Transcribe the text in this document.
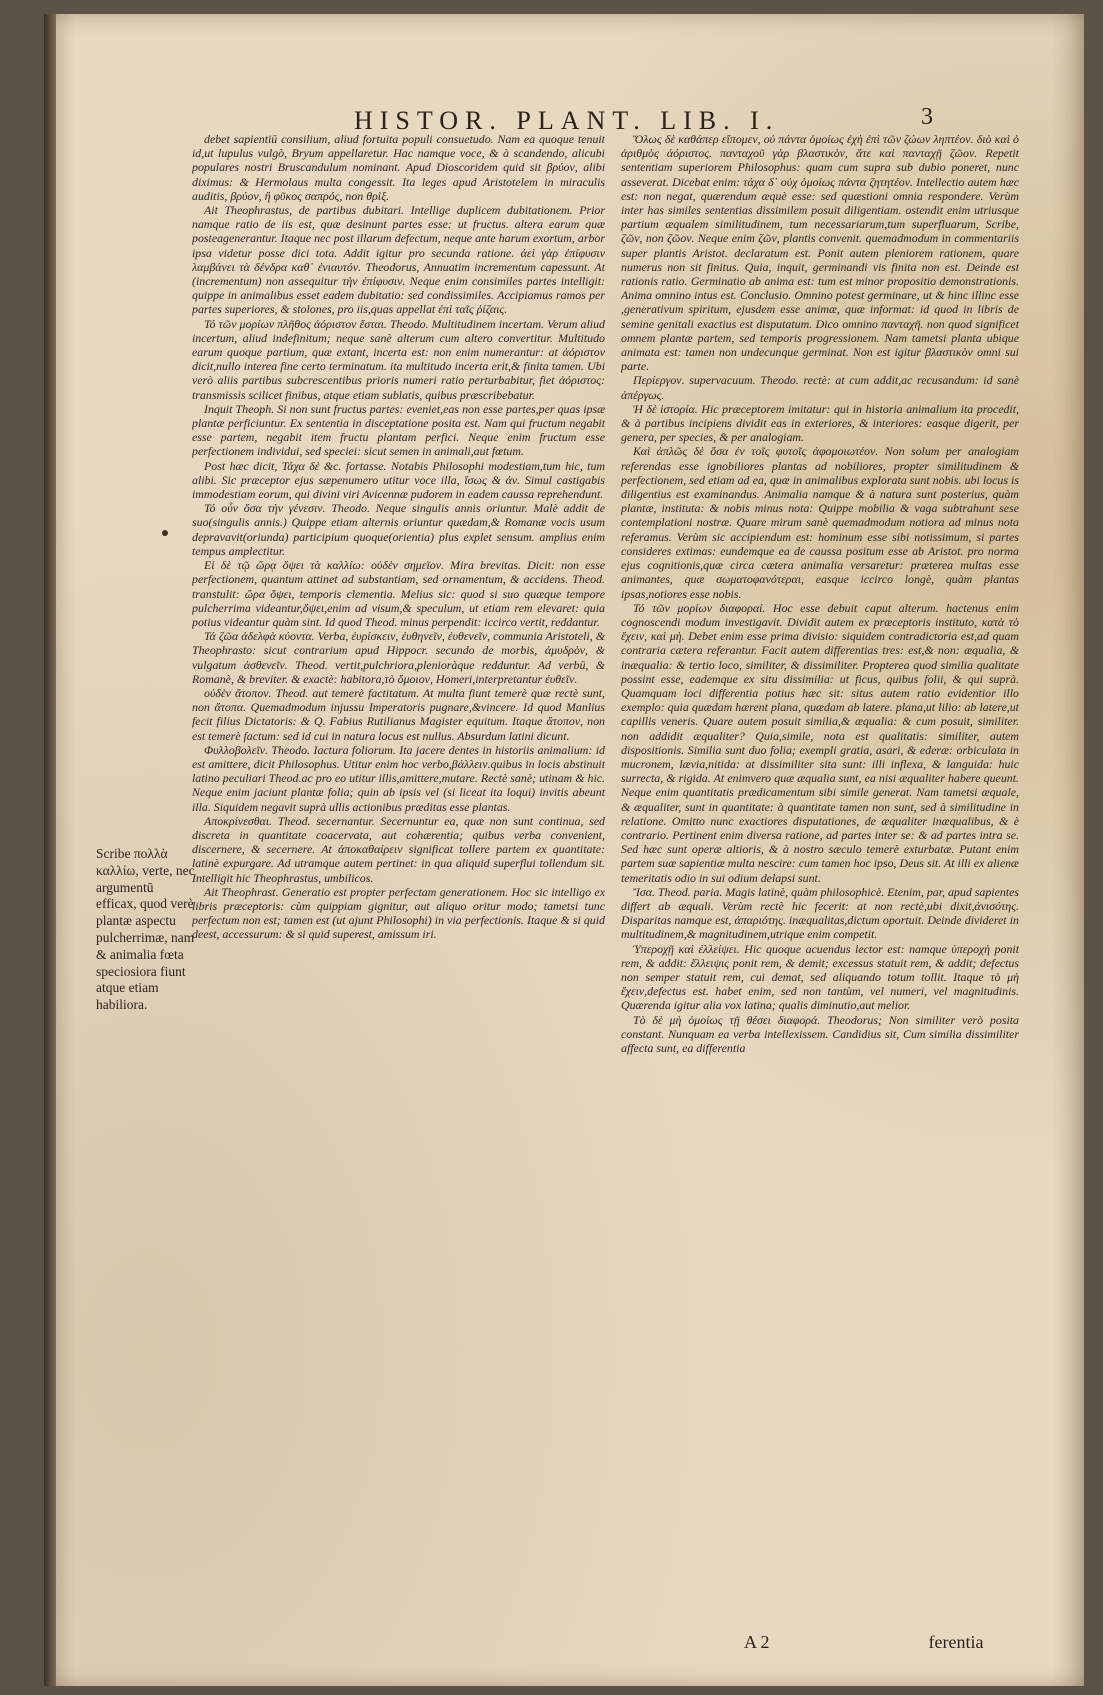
HISTOR. PLANT. LIB. I.	3

debet sapientiū consilium, aliud fortuita populi consuetudo. Nam ea quoque tenuit id,ut lupulus vulgò, Bryum appellaretur. Hac namque voce, & à scandendo, alicubi populares nostri Bruscandulum nominant. Apud Dioscoridem quid sit βρύον, alibi diximus: & Hermolaus multa congessit. Ita leges apud Aristotelem in miraculis auditis, βρύον, ἢ φῦκος σαπρός, non θρὶξ.

Ait Theophrastus, de partibus dubitari. Intellige duplicem dubitationem. Prior namque ratio de iis est, quæ desinunt partes esse: ut fructus. altera earum quæ posteagenerantur. Itaque nec post illarum defectum, neque ante harum exortum, arbor ipsa videtur posse dici tota. Addit igitur pro secunda ratione. ἀεὶ γὰρ ἐπίφυσιν λαμβάνει τὰ δένδρα καθ᾿ ἐνιαυτόν. Theodorus, Annuatim incrementum capessunt. At (incrementum) non assequitur τὴν ἐπίφυσιν. Neque enim consimiles partes intelligit: quippe in animalibus esset eadem dubitatio: sed condissimiles. Accipiamus ramos per partes superiores, & stolones, pro iis,quas appellat ἐπὶ ταῖς ῥίζαις.

Τό τῶν μορίων πλῆθος ἀόριστον ἔσται. Theodo. Multitudinem incertam. Verum aliud incertum, aliud indefinitum; neque sanè alterum cum altero convertitur. Multitudo earum quoque partium, quæ extant, incerta est: non enim numerantur: at ἀόριστον dicit,nullo interea fine certo terminatum. ita multitudo incerta erit,& finita tamen. Ubi verò aliis partibus subcrescentibus prioris numeri ratio perturbabitur, fiet ἀόριστος: transmissis scilicet finibus, atque etiam sublatis, quibus præscribebatur.

Inquit Theoph. Si non sunt fructus partes: eveniet,eas non esse partes,per quas ipsæ plantæ perficiuntur. Ex sententia in disceptatione posita est. Nam qui fructum negabit esse partem, negabit item fructu plantam perfici. Neque enim fructum esse perfectionem individui, sed speciei: sicut semen in animali,aut fœtum.

Post hæc dicit, Τάχα δὲ &c. fortasse. Notabis Philosophi modestiam,tum hic, tum alibi. Sic præceptor ejus sæpenumero utitur voce illa, ἴσως & ἀν. Simul castigabis immodestiam eorum, qui divini viri Avicennæ pudorem in eadem caussa reprehendunt.

Τό οὖν ὅσα τὴν γένεσιν. Theodo. Neque singulis annis oriuntur. Malè addit de suo(singulis annis.) Quippe etiam alternis oriuntur quædam,& Romanæ vocis usum depravavit(oriunda) participium quoque(orientia) plus explet sensum. amplius enim tempus amplectitur.

Εἰ δὲ τῷ ὥρᾳ ὄψει τὰ καλλίω: οὐδὲν σημεῖον. Mira brevitas. Dicit: non esse perfectionem, quantum attinet ad substantiam, sed ornamentum, & accidens. Theod. transtulit: ὥρα ὄψει, temporis clementia. Melius sic: quod si suo quæque tempore pulcherrima videantur,ὄψει,enim ad visum,& speculum, ut etiam rem elevaret: quia potius videantur quàm sint. Id quod Theod. minus perpendit: iccirco vertit, reddantur.

Τά ζῶα ἀδελφὰ κύοντα. Verba, ἐυρίσκειν, ἐυθηνεῖν, ἐυθενεῖν, communia Aristoteli, & Theophrasto: sicut contrarium apud Hippocr. secundo de morbis, ἀμυδρὸν, & vulgatum ἀσθενεῖν. Theod. vertit,pulchriora,plenioràque redduntur. Ad verbū, & Romanè, & breviter. & exactè: habitora,τὸ ὅμοιον, Homeri,interpretantur ἐυθεῖν.

οὐδὲν ἄτοπον. Theod. aut temerè factitatum. At multa fiunt temerè quæ rectè sunt, non ἄτοπα. Quemadmodum injussu Imperatoris pugnare,&vincere. Id quod Manlius fecit filius Dictatoris: & Q. Fabius Rutilianus Magister equitum. Itaque ἄτοπον, non est temerè factum: sed id cui in natura locus est nullus. Absurdum latini dicunt.

Φυλλοβολεῖν. Theodo. Iactura foliorum. Ita jacere dentes in historiis animalium: id est amittere, dicit Philosophus. Utitur enim hoc verbo,βάλλειν.quibus in locis abstinuit latino peculiari Theod.ac pro eo utitur illis,amittere,mutare. Rectè sanè; utinam & hic. Neque enim jaciunt plantæ folia; quin ab ipsis vel (si liceat ita loqui) invitis abeunt illa. Siquidem negavit suprà ullis actionibus præditas esse plantas.

Αποκρίνεσθαι. Theod. secernantur. Secernuntur ea, quæ non sunt continua, sed discreta in quantitate coacervata, aut cohærentia; quibus verba convenient, discernere, & secernere. At ἀποκαθαίρειν significat tollere partem ex quantitate: latinè expurgare. Ad utramque autem pertinet: in qua aliquid superflui tollendum sit. Intelligit hic Theophrastus, umbilicos.

Ait Theophrast. Generatio est propter perfectam generationem. Hoc sic intelligo ex libris præceptoris: cùm quippiam gignitur, aut aliquo oritur modo; tametsi tunc perfectum non est; tamen est (ut ajunt Philosophi) in via perfectionis. Itaque & si quid deest, accessurum: & si quid superest, amissum iri.

Ὅλως δὲ καθάπερ εἴπομεν, οὐ πάντα ὁμοίως ἐχὴ ἐπὶ τῶν ζώων ληπτέον. διὸ καὶ ὁ ἀριθμὸς ἀόριστος. πανταχοῦ γὰρ βλαστικὸν, ἅτε καὶ πανταχῇ ζῶον. Repetit sententiam superiorem Philosophus: quam cum supra sub dubio poneret, nunc asseverat. Dicebat enim: τάχα δ᾿ οὐχ ὁμοίως πάντα ζητητέον. Intellectio autem hæc est: non negat, quærendum æquè esse: sed quæstioni omnia respondere. Verùm inter has similes sententias dissimilem posuit diligentiam. ostendit enim utriusque partium æqualem similitudinem, tum necessariarum,tum superfluarum, Scribe, ζῶν, non ζῶον. Neque enim ζῶν, plantis convenit. quemadmodum in commentariis super plantis Aristot. declaratum est. Ponit autem pleniorem rationem, quare numerus non sit finitus. Quia, inquit, germinandi vis finita non est. Deinde est rationis ratio. Germinatio ab anima est: tum est minor propositio demonstrationis. Anima omnino intus est. Conclusio. Omnino potest germinare, ut & hinc illinc esse ,generativum spiritum, ejusdem esse animæ, quæ informat: id quod in libris de semine genitali exactius est disputatum. Dico omnino πανταχῆ. non quod significet omnem plantæ partem, sed temporis progressionem. Nam tametsi planta ubique animata est: tamen non undecunque germinat. Non est igitur βλαστικὸν omni sui parte.

Περίεργον. supervacuum. Theodo. rectè: at cum addit,ac recusandum: id sanè ἀπέργως.

Ἡ δὲ ἱστορία. Hic præceptorem imitatur: qui in historia animalium ita procedit, & à partibus incipiens dividit eas in exteriores, & interiores: easque digerit, per genera, per species, & per analogiam.

Καὶ ἁπλῶς δὲ ὅσα ἐν τοῖς φυτοῖς ἀφομοιωτέον. Non solum per analogiam referendas esse ignobiliores plantas ad nobiliores, propter similitudinem & perfectionem, sed etiam ad ea, quæ in animalibus explorata sunt nobis. ubi locus is diligentius est examinandus. Animalia namque & à natura sunt posterius, quàm plantæ, instituta: & nobis minus nota: Quippe mobilia & vaga subtrahunt sese contemplationi nostræ. Quare mirum sanè quemadmodum notiora ad minus nota referamus. Verùm sic accipiendum est: hominum esse sibi notissimum, si partes consideres extimas: eundemque ea de caussa positum esse ab Aristot. pro norma ejus cognitionis,quæ circa cætera animalia versaretur: præterea multas esse animantes, quæ σωματοφανότεραι, easque iccirco longè, quàm plantas ipsas,notiores esse nobis.

Τό τῶν μορίων διαφοραί. Hoc esse debuit caput alterum. hactenus enim cognoscendi modum investigavit. Dividit autem ex præceptoris instituto, κατὰ τὸ ἔχειν, καὶ μὴ. Debet enim esse prima divisio: siquidem contradictoria est,ad quam contraria cætera referantur. Facit autem differentias tres: est,& non: æqualia, & inæqualia: & tertio loco, similiter, & dissimiliter. Propterea quod similia qualitate possint esse, eademque ex situ dissimilia: ut ficus, quibus folii, & qui suprà. Quamquam loci differentia potius hæc sit: situs autem ratio evidentior illo exemplo: quia quædam hærent plana, quædam ab latere. plana,ut lilio: ab latere,ut capillis veneris. Quare autem posuit similia,& æqualia: & cum posuit, similiter. non addidit æqualiter? Quia,simile, nota est qualitatis: similiter, autem dispositionis. Similia sunt duo folia; exempli gratia, asari, & ederæ: orbiculata in mucronem, lævia,nitida: at dissimiliter sita sunt: illi inflexa, & languida: huic surrecta, & rigida. At enimvero quæ æqualia sunt, ea nisi æqualiter habere queunt. Neque enim quantitatis prædicamentum sibi simile generat. Nam tametsi æquale, & æqualiter, sunt in quantitate: à quantitate tamen non sunt, sed à similitudine in relatione. Omitto nunc exactiores disputationes, de æqualiter inæqualibus, & è contrario. Pertinent enim diversa ratione, ad partes inter se: & ad partes intra se. Sed hæc sunt operæ altioris, & à nostro sæculo temerè exturbatæ. Putant enim partem suæ sapientiæ multa nescire: cum tamen hoc ipso, Deus sit. At illi ex alienæ temeritatis odio in sui odium delapsi sunt.

Ἴσα. Theod. paria. Magis latinè, quàm philosophicè. Etenim, par, apud sapientes differt ab æquali. Verùm rectè hic fecerit: at non rectè,ubi dixit,ἀνισότης. Disparitas namque est, ἀπαριότης. inæqualitas,dictum oportuit. Deinde divideret in multitudinem,& magnitudinem,utrique enim competit.

Ὑπεροχῇ καὶ ἐλλείψει. Hic quoque acuendus lector est: namque ὑπεροχὴ ponit rem, & addit: ἔλλειψις ponit rem, & demit; excessus statuit rem, & addit; defectus non semper statuit rem, cui demat, sed aliquando totum tollit. Itaque τὸ μὴ ἔχειν,defectus est. habet enim, sed non tantùm, vel numeri, vel magnitudinis. Quærenda igitur alia vox latina; qualis diminutio,aut melior.

Τὸ δὲ μὴ ὁμοίως τῇ θέσει διαφορά. Theodorus; Non similiter verò posita constant. Nunquam ea verba intellexissem. Candidius sit, Cum similia dissimiliter affecta sunt, ea differentia

Scribe πολλὰ καλλίω, verte, nec argumentū efficax, quod verè plantæ aspectu pulcherrimæ, nam & animalia fœta speciosiora fiunt atque etiam habiliora.
A 2	ferentia
